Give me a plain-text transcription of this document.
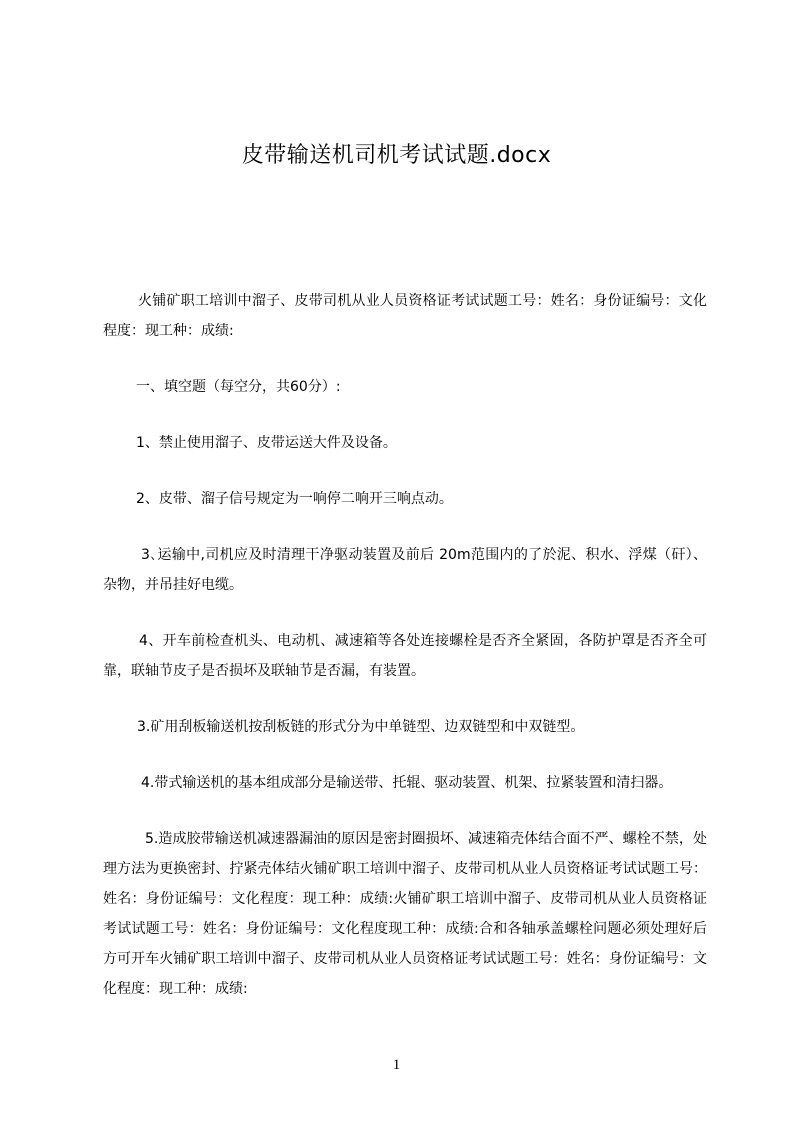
皮带输送机司机考试试题.docx

火铺矿职工培训中溜子、皮带司机从业人员资格证考试试题工号：姓名：身份证编号：文化程度：现工种：成绩:

一、填空题（每空分，共60分）:

1、禁止使用溜子、皮带运送大件及设备。

2、皮带、溜子信号规定为一响停二响开三响点动。

3､运输中,司机应及时清理干净驱动装置及前后 20m范围内的了於泥、积水、浮煤（矸）、杂物，并吊挂好电缆。

4、开车前检查机头、电动机、减速箱等各处连接螺栓是否齐全紧固，各防护罩是否齐全可靠，联轴节皮子是否损坏及联轴节是否漏，有装置。

3.矿用刮板输送机按刮板链的形式分为中单链型、边双链型和中双链型。

4.带式输送机的基本组成部分是输送带、托辊、驱动装置、机架、拉紧装置和清扫器。

5.造成胶带输送机减速器漏油的原因是密封圈损坏、减速箱壳体结合面不严、螺栓不禁，处理方法为更换密封、拧紧壳体结火铺矿职工培训中溜子、皮带司机从业人员资格证考试试题工号：姓名：身份证编号：文化程度：现工种：成绩:火铺矿职工培训中溜子、皮带司机从业人员资格证考试试题工号：姓名：身份证编号：文化程度现工种：成绩:合和各轴承盖螺栓问题必须处理好后方可开车火铺矿职工培训中溜子、皮带司机从业人员资格证考试试题工号：姓名：身份证编号：文化程度：现工种：成绩:

1
